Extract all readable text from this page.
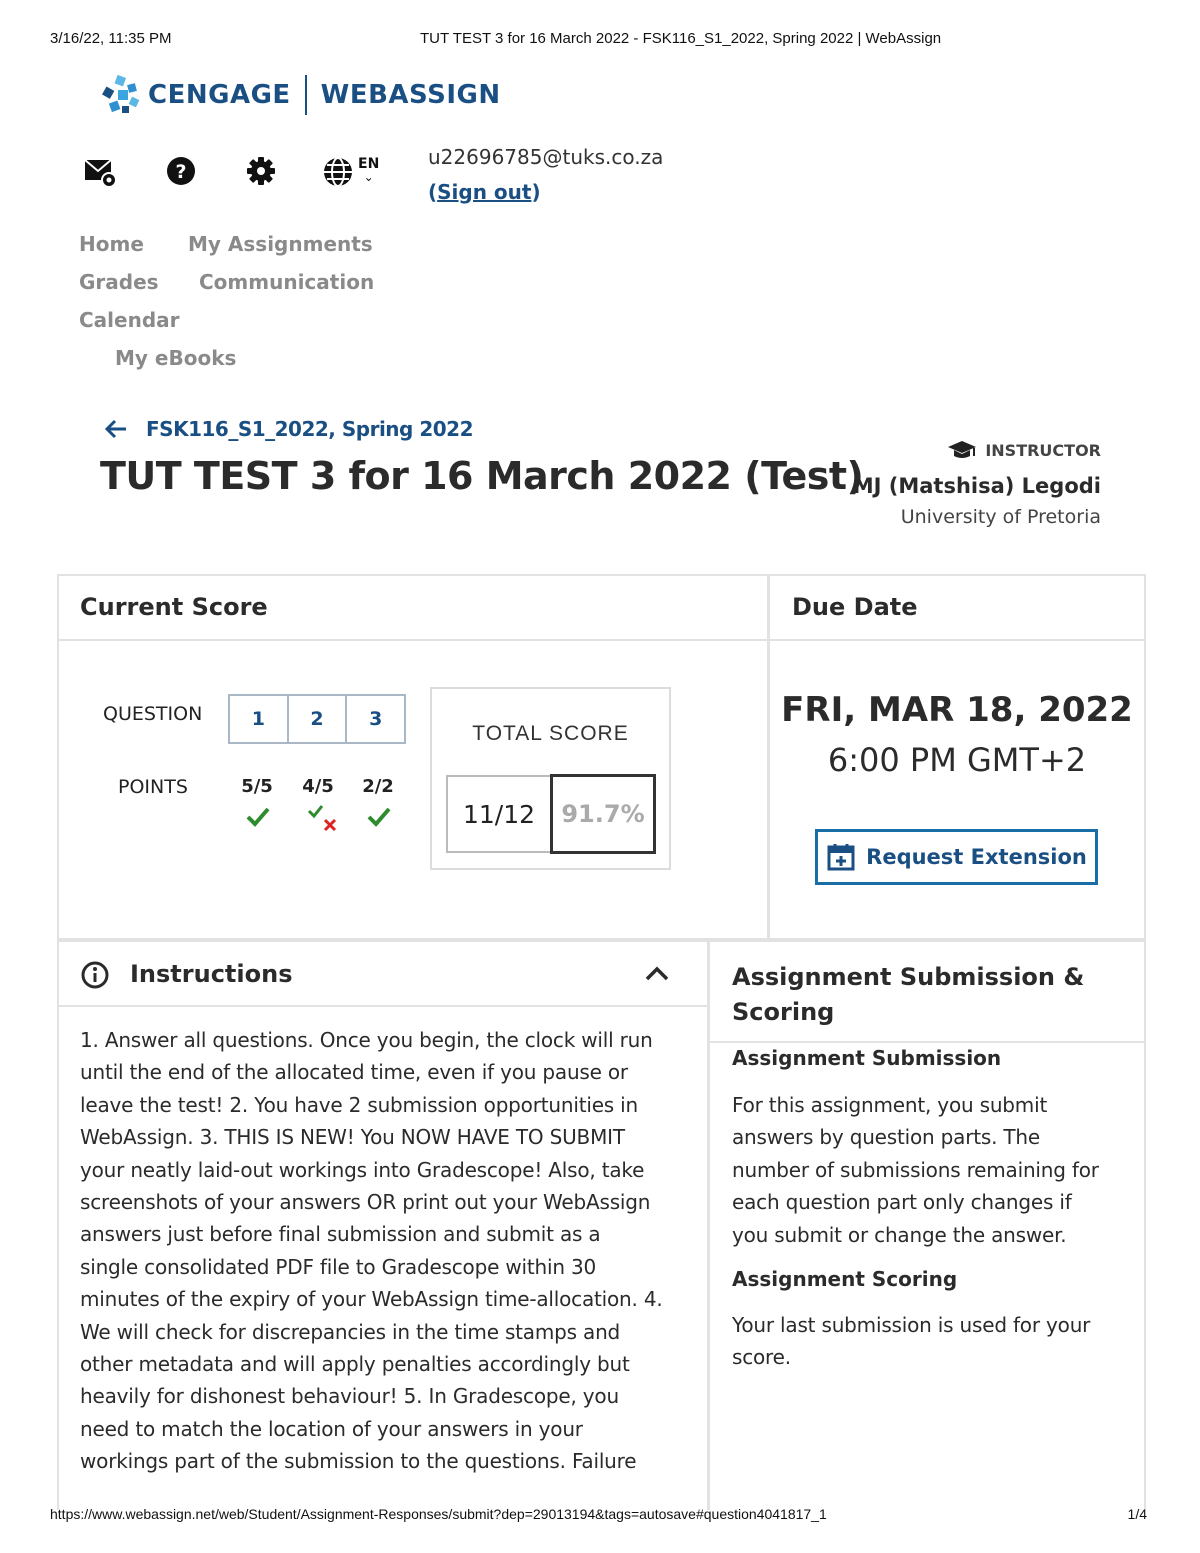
3/16/22, 11:35 PM	TUT TEST 3 for 16 March 2022 - FSK116_S1_2022, Spring 2022 | WebAssign
CENGAGE WEBASSIGN
?	EN
⌄
u22696785@tuks.co.za
(Sign out)
Home My Assignments
Grades Communication
Calendar
My eBooks
FSK116_S1_2022, Spring 2022
TUT TEST 3 for 16 March 2022 (Test)
INSTRUCTOR
MJ (Matshisa) Legodi
University of Pretoria
Current Score
QUESTION	1	2	3
POINTS	5/5	4/5	2/2
TOTAL SCORE
11/12	91.7%
Due Date
FRI, MAR 18, 2022
6:00 PM GMT+2
Request Extension
Instructions
1. Answer all questions. Once you begin, the clock will run
until the end of the allocated time, even if you pause or
leave the test! 2. You have 2 submission opportunities in
WebAssign. 3. THIS IS NEW! You NOW HAVE TO SUBMIT
your neatly laid-out workings into Gradescope! Also, take
screenshots of your answers OR print out your WebAssign
answers just before final submission and submit as a
single consolidated PDF file to Gradescope within 30
minutes of the expiry of your WebAssign time-allocation. 4.
We will check for discrepancies in the time stamps and
other metadata and will apply penalties accordingly but
heavily for dishonest behaviour! 5. In Gradescope, you
need to match the location of your answers in your
workings part of the submission to the questions. Failure
Assignment Submission &
Scoring
Assignment Submission
For this assignment, you submit
answers by question parts. The
number of submissions remaining for
each question part only changes if
you submit or change the answer.
Assignment Scoring
Your last submission is used for your
score.
https://www.webassign.net/web/Student/Assignment-Responses/submit?dep=29013194&tags=autosave#question4041817_1	1/4
